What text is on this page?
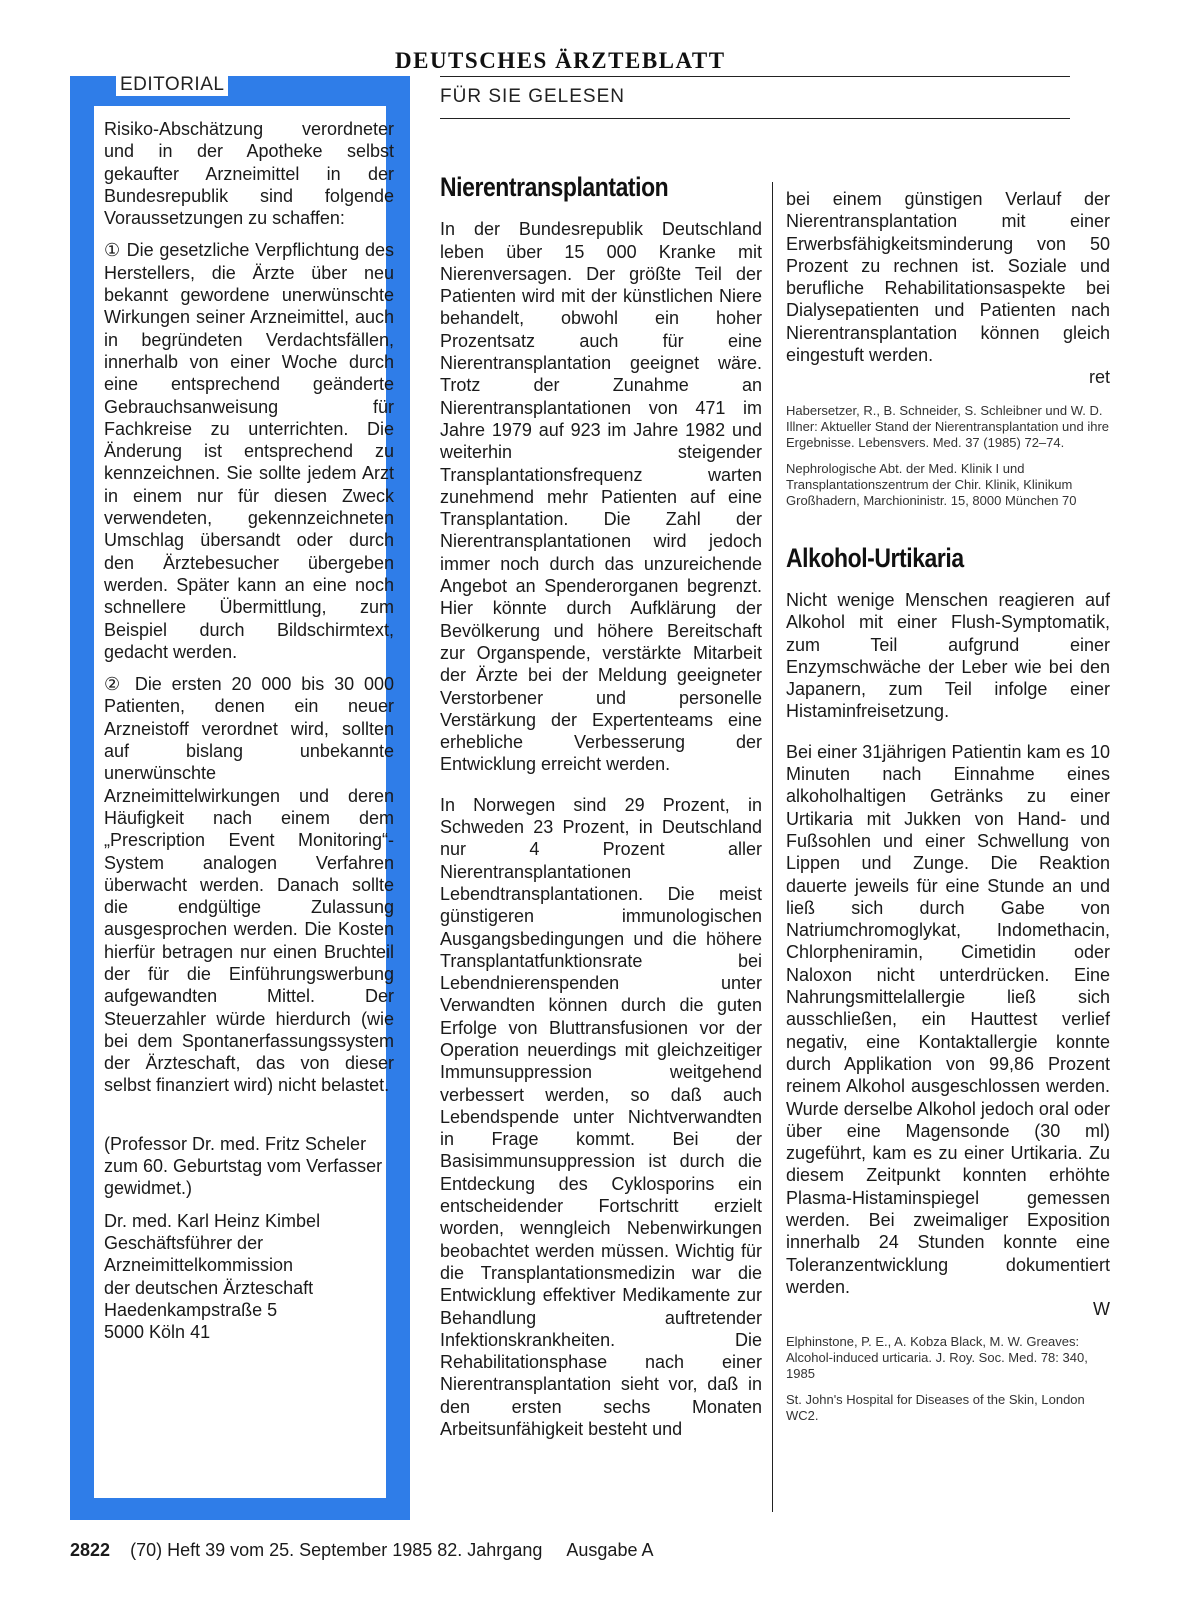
DEUTSCHES ÄRZTEBLATT
FÜR SIE GELESEN
EDITORIAL

Risiko-Abschätzung verordneter und in der Apotheke selbst gekaufter Arzneimittel in der Bundesrepublik sind folgende Voraussetzungen zu schaffen:

① Die gesetzliche Verpflichtung des Herstellers, die Ärzte über neu bekannt gewordene unerwünschte Wirkungen seiner Arzneimittel, auch in begründeten Verdachtsfällen, innerhalb von einer Woche durch eine entsprechend geänderte Gebrauchsanweisung für Fachkreise zu unterrichten. Die Änderung ist entsprechend zu kennzeichnen. Sie sollte jedem Arzt in einem nur für diesen Zweck verwendeten, gekennzeichneten Umschlag übersandt oder durch den Ärztebesucher übergeben werden. Später kann an eine noch schnellere Übermittlung, zum Beispiel durch Bildschirmtext, gedacht werden.

② Die ersten 20 000 bis 30 000 Patienten, denen ein neuer Arzneistoff verordnet wird, sollten auf bislang unbekannte unerwünschte Arzneimittelwirkungen und deren Häufigkeit nach einem dem „Prescription Event Monitoring“-System analogen Verfahren überwacht werden. Danach sollte die endgültige Zulassung ausgesprochen werden. Die Kosten hierfür betragen nur einen Bruchteil der für die Einführungswerbung aufgewandten Mittel. Der Steuerzahler würde hierdurch (wie bei dem Spontanerfassungssystem der Ärzteschaft, das von dieser selbst finanziert wird) nicht belastet.

(Professor Dr. med. Fritz Scheler zum 60. Geburtstag vom Verfasser gewidmet.)

Dr. med. Karl Heinz Kimbel
Geschäftsführer der
Arzneimittelkommission
der deutschen Ärzteschaft
Haedenkampstraße 5
5000 Köln 41
Nierentransplantation

In der Bundesrepublik Deutschland leben über 15 000 Kranke mit Nierenversagen. Der größte Teil der Patienten wird mit der künstlichen Niere behandelt, obwohl ein hoher Prozentsatz auch für eine Nierentransplantation geeignet wäre. Trotz der Zunahme an Nierentransplantationen von 471 im Jahre 1979 auf 923 im Jahre 1982 und weiterhin steigender Transplantationsfrequenz warten zunehmend mehr Patienten auf eine Transplantation. Die Zahl der Nierentransplantationen wird jedoch immer noch durch das unzureichende Angebot an Spenderorganen begrenzt. Hier könnte durch Aufklärung der Bevölkerung und höhere Bereitschaft zur Organspende, verstärkte Mitarbeit der Ärzte bei der Meldung geeigneter Verstorbener und personelle Verstärkung der Expertenteams eine erhebliche Verbesserung der Entwicklung erreicht werden.

In Norwegen sind 29 Prozent, in Schweden 23 Prozent, in Deutschland nur 4 Prozent aller Nierentransplantationen Lebendtransplantationen. Die meist günstigeren immunologischen Ausgangsbedingungen und die höhere Transplantatfunktionsrate bei Lebendnierenspenden unter Verwandten können durch die guten Erfolge von Bluttransfusionen vor der Operation neuerdings mit gleichzeitiger Immunsuppression weitgehend verbessert werden, so daß auch Lebendspende unter Nichtverwandten in Frage kommt. Bei der Basisimmunsuppression ist durch die Entdeckung des Cyklosporins ein entscheidender Fortschritt erzielt worden, wenngleich Nebenwirkungen beobachtet werden müssen. Wichtig für die Transplantationsmedizin war die Entwicklung effektiver Medikamente zur Behandlung auftretender Infektionskrankheiten. Die Rehabilitationsphase nach einer Nierentransplantation sieht vor, daß in den ersten sechs Monaten Arbeitsunfähigkeit besteht und

bei einem günstigen Verlauf der Nierentransplantation mit einer Erwerbsfähigkeitsminderung von 50 Prozent zu rechnen ist. Soziale und berufliche Rehabilitationsaspekte bei Dialysepatienten und Patienten nach Nierentransplantation können gleich eingestuft werden.

ret

Habersetzer, R., B. Schneider, S. Schleibner und W. D. Illner: Aktueller Stand der Nierentransplantation und ihre Ergebnisse. Lebensvers. Med. 37 (1985) 72–74.

Nephrologische Abt. der Med. Klinik I und Transplantationszentrum der Chir. Klinik, Klinikum Großhadern, Marchioninistr. 15, 8000 München 70

Alkohol-Urtikaria

Nicht wenige Menschen reagieren auf Alkohol mit einer Flush-Symptomatik, zum Teil aufgrund einer Enzymschwäche der Leber wie bei den Japanern, zum Teil infolge einer Histaminfreisetzung.

Bei einer 31jährigen Patientin kam es 10 Minuten nach Einnahme eines alkoholhaltigen Getränks zu einer Urtikaria mit Jukken von Hand- und Fußsohlen und einer Schwellung von Lippen und Zunge. Die Reaktion dauerte jeweils für eine Stunde an und ließ sich durch Gabe von Natriumchromoglykat, Indomethacin, Chlorpheniramin, Cimetidin oder Naloxon nicht unterdrücken. Eine Nahrungsmittelallergie ließ sich ausschließen, ein Hauttest verlief negativ, eine Kontaktallergie konnte durch Applikation von 99,86 Prozent reinem Alkohol ausgeschlossen werden. Wurde derselbe Alkohol jedoch oral oder über eine Magensonde (30 ml) zugeführt, kam es zu einer Urtikaria. Zu diesem Zeitpunkt konnten erhöhte Plasma-Histaminspiegel gemessen werden. Bei zweimaliger Exposition innerhalb 24 Stunden konnte eine Toleranzentwicklung dokumentiert werden.

W

Elphinstone, P. E., A. Kobza Black, M. W. Greaves: Alcohol-induced urticaria. J. Roy. Soc. Med. 78: 340, 1985

St. John's Hospital for Diseases of the Skin, London WC2.

2822 (70) Heft 39 vom 25. September 1985 82. Jahrgang Ausgabe A
